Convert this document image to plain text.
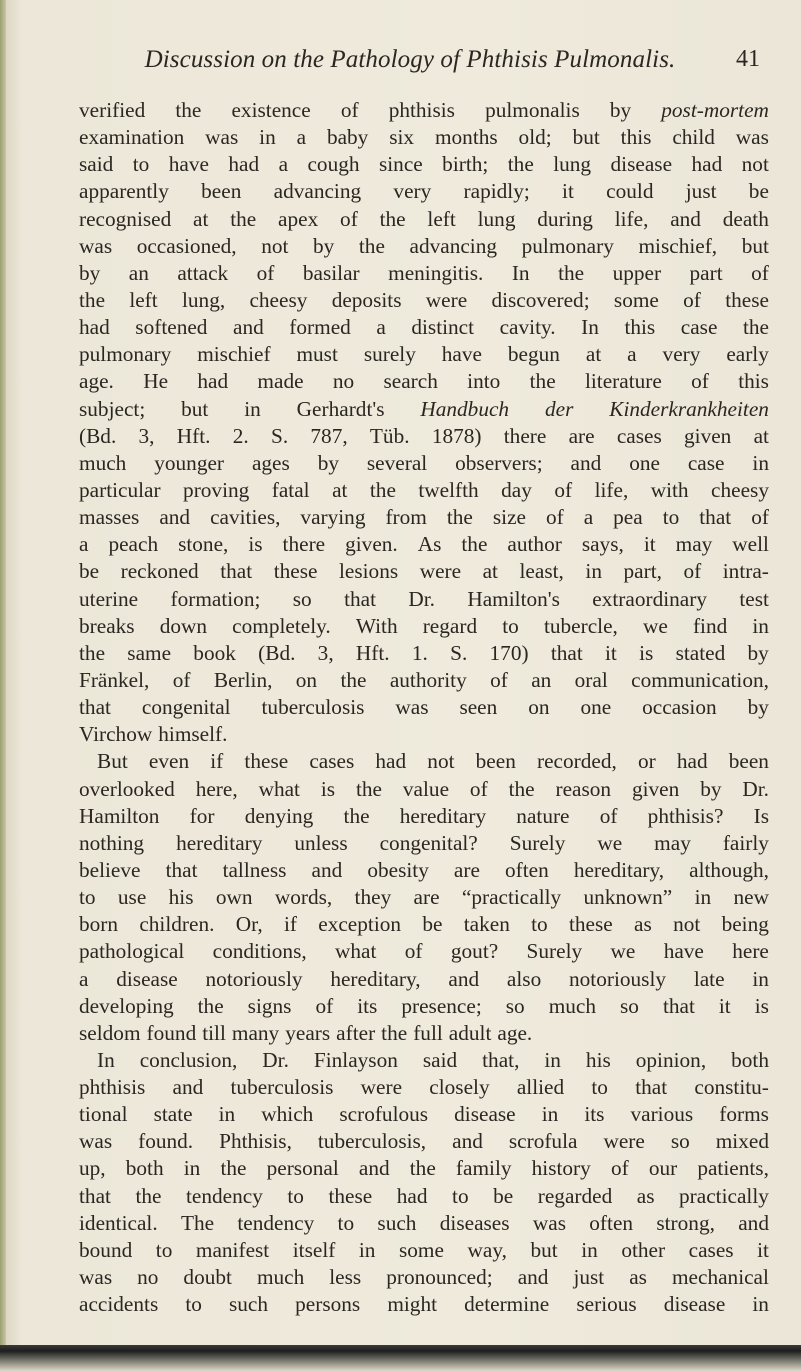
Discussion on the Pathology of Phthisis Pulmonalis.	41
verified the existence of phthisis pulmonalis by post-mortem
examination was in a baby six months old; but this child was
said to have had a cough since birth; the lung disease had not
apparently been advancing very rapidly; it could just be
recognised at the apex of the left lung during life, and death
was occasioned, not by the advancing pulmonary mischief, but
by an attack of basilar meningitis. In the upper part of
the left lung, cheesy deposits were discovered; some of these
had softened and formed a distinct cavity. In this case the
pulmonary mischief must surely have begun at a very early
age. He had made no search into the literature of this
subject; but in Gerhardt's Handbuch der Kinderkrankheiten
(Bd. 3, Hft. 2. S. 787, Tüb. 1878) there are cases given at
much younger ages by several observers; and one case in
particular proving fatal at the twelfth day of life, with cheesy
masses and cavities, varying from the size of a pea to that of
a peach stone, is there given. As the author says, it may well
be reckoned that these lesions were at least, in part, of intra-
uterine formation; so that Dr. Hamilton's extraordinary test
breaks down completely. With regard to tubercle, we find in
the same book (Bd. 3, Hft. 1. S. 170) that it is stated by
Fränkel, of Berlin, on the authority of an oral communication,
that congenital tuberculosis was seen on one occasion by
Virchow himself.
But even if these cases had not been recorded, or had been
overlooked here, what is the value of the reason given by Dr.
Hamilton for denying the hereditary nature of phthisis? Is
nothing hereditary unless congenital? Surely we may fairly
believe that tallness and obesity are often hereditary, although,
to use his own words, they are “practically unknown” in new
born children. Or, if exception be taken to these as not being
pathological conditions, what of gout? Surely we have here
a disease notoriously hereditary, and also notoriously late in
developing the signs of its presence; so much so that it is
seldom found till many years after the full adult age.
In conclusion, Dr. Finlayson said that, in his opinion, both
phthisis and tuberculosis were closely allied to that constitu-
tional state in which scrofulous disease in its various forms
was found. Phthisis, tuberculosis, and scrofula were so mixed
up, both in the personal and the family history of our patients,
that the tendency to these had to be regarded as practically
identical. The tendency to such diseases was often strong, and
bound to manifest itself in some way, but in other cases it
was no doubt much less pronounced; and just as mechanical
accidents to such persons might determine serious disease in
